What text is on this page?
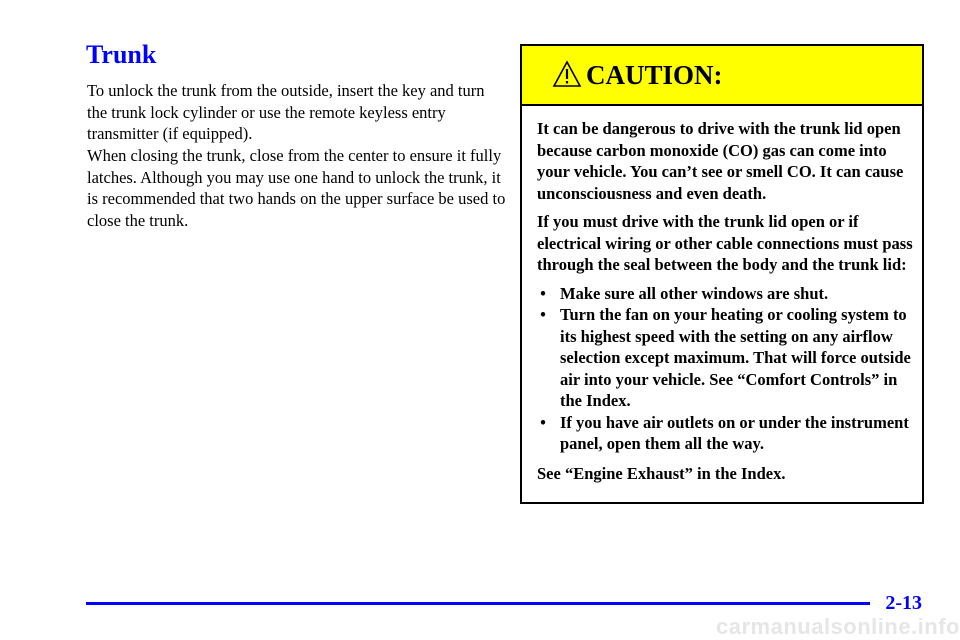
Trunk

To unlock the trunk from the outside, insert the key and turn the trunk lock cylinder or use the remote keyless entry transmitter (if equipped).

When closing the trunk, close from the center to ensure it fully latches. Although you may use one hand to unlock the trunk, it is recommended that two hands on the upper surface be used to close the trunk.

CAUTION:

It can be dangerous to drive with the trunk lid open because carbon monoxide (CO) gas can come into your vehicle. You can’t see or smell CO. It can cause unconsciousness and even death.

If you must drive with the trunk lid open or if electrical wiring or other cable connections must pass through the seal between the body and the trunk lid:

• Make sure all other windows are shut.
• Turn the fan on your heating or cooling system to its highest speed with the setting on any airflow selection except maximum. That will force outside air into your vehicle. See “Comfort Controls” in the Index.
• If you have air outlets on or under the instrument panel, open them all the way.

See “Engine Exhaust” in the Index.

2-13
carmanualsonline.info
